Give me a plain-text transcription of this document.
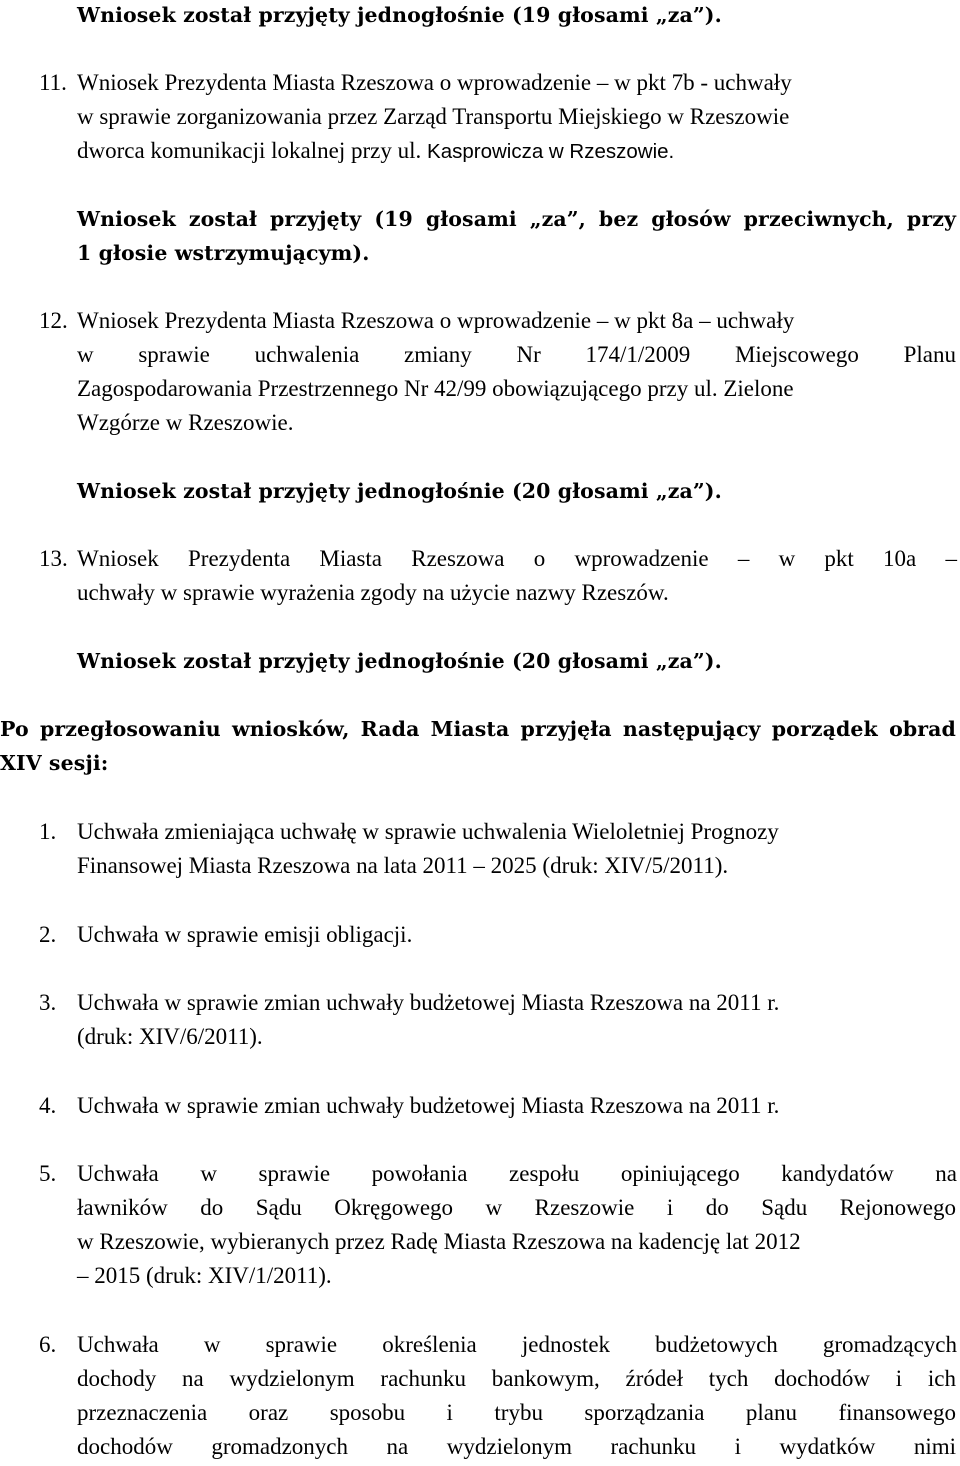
Wniosek został przyjęty jednogłośnie (19 głosami „za”).
11. Wniosek Prezydenta Miasta Rzeszowa o wprowadzenie – w pkt 7b - uchwały
w sprawie zorganizowania przez Zarząd Transportu Miejskiego w Rzeszowie
dworca komunikacji lokalnej przy ul. Kasprowicza w Rzeszowie.
Wniosek został przyjęty (19 głosami „za”, bez głosów przeciwnych, przy
1 głosie wstrzymującym).
12. Wniosek Prezydenta Miasta Rzeszowa o wprowadzenie – w pkt 8a – uchwały
w sprawie uchwalenia zmiany Nr 174/1/2009 Miejscowego Planu
Zagospodarowania Przestrzennego Nr 42/99 obowiązującego przy ul. Zielone
Wzgórze w Rzeszowie.
Wniosek został przyjęty jednogłośnie (20 głosami „za”).
13. Wniosek Prezydenta Miasta Rzeszowa o wprowadzenie – w pkt 10a –
uchwały w sprawie wyrażenia zgody na użycie nazwy Rzeszów.
Wniosek został przyjęty jednogłośnie (20 głosami „za”).
Po przegłosowaniu wniosków, Rada Miasta przyjęła następujący porządek obrad
XIV sesji:
1. Uchwała zmieniająca uchwałę w sprawie uchwalenia Wieloletniej Prognozy
Finansowej Miasta Rzeszowa na lata 2011 – 2025 (druk: XIV/5/2011).
2. Uchwała w sprawie emisji obligacji.
3. Uchwała w sprawie zmian uchwały budżetowej Miasta Rzeszowa na 2011 r.
(druk: XIV/6/2011).
4. Uchwała w sprawie zmian uchwały budżetowej Miasta Rzeszowa na 2011 r.
5. Uchwała w sprawie powołania zespołu opiniującego kandydatów na
ławników do Sądu Okręgowego w Rzeszowie i do Sądu Rejonowego
w Rzeszowie, wybieranych przez Radę Miasta Rzeszowa na kadencję lat 2012
– 2015 (druk: XIV/1/2011).
6. Uchwała w sprawie określenia jednostek budżetowych gromadzących
dochody na wydzielonym rachunku bankowym, źródeł tych dochodów i ich
przeznaczenia oraz sposobu i trybu sporządzania planu finansowego
dochodów gromadzonych na wydzielonym rachunku i wydatków nimi
